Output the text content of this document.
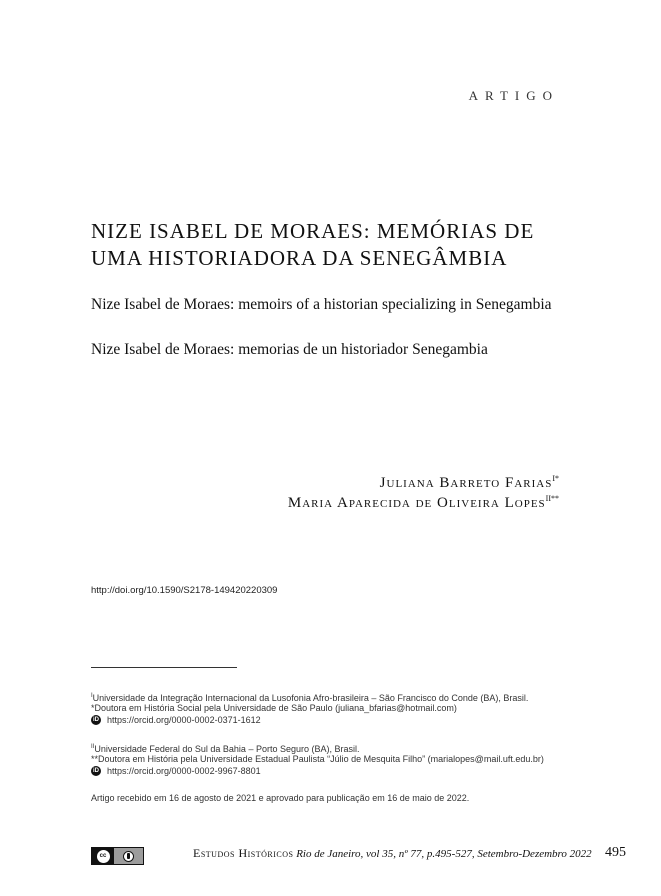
ARTIGO
NIZE ISABEL DE MORAES: MEMÓRIAS DE UMA HISTORIADORA DA SENEGÂMBIA
Nize Isabel de Moraes: memoirs of a historian specializing in Senegambia
Nize Isabel de Moraes: memorias de un historiador Senegambia
Juliana Barreto Farias$^{I*}$
Maria Aparecida de Oliveira Lopes$^{II**}$
http://doi.org/10.1590/S2178-149420220309
$^I$Universidade da Integração Internacional da Lusofonia Afro-brasileira – São Francisco do Conde (BA), Brasil.
*Doutora em História Social pela Universidade de São Paulo (juliana_bfarias@hotmail.com)
iD https://orcid.org/0000-0002-0371-1612
$^{II}$Universidade Federal do Sul da Bahia – Porto Seguro (BA), Brasil.
**Doutora em História pela Universidade Estadual Paulista “Júlio de Mesquita Filho” (marialopes@mail.uft.edu.br)
iD https://orcid.org/0000-0002-9967-8801
Artigo recebido em 16 de agosto de 2021 e aprovado para publicação em 16 de maio de 2022.
cc	Estudos Históricos Rio de Janeiro, vol 35, nº 77, p.495-527, Setembro-Dezembro 2022 495
